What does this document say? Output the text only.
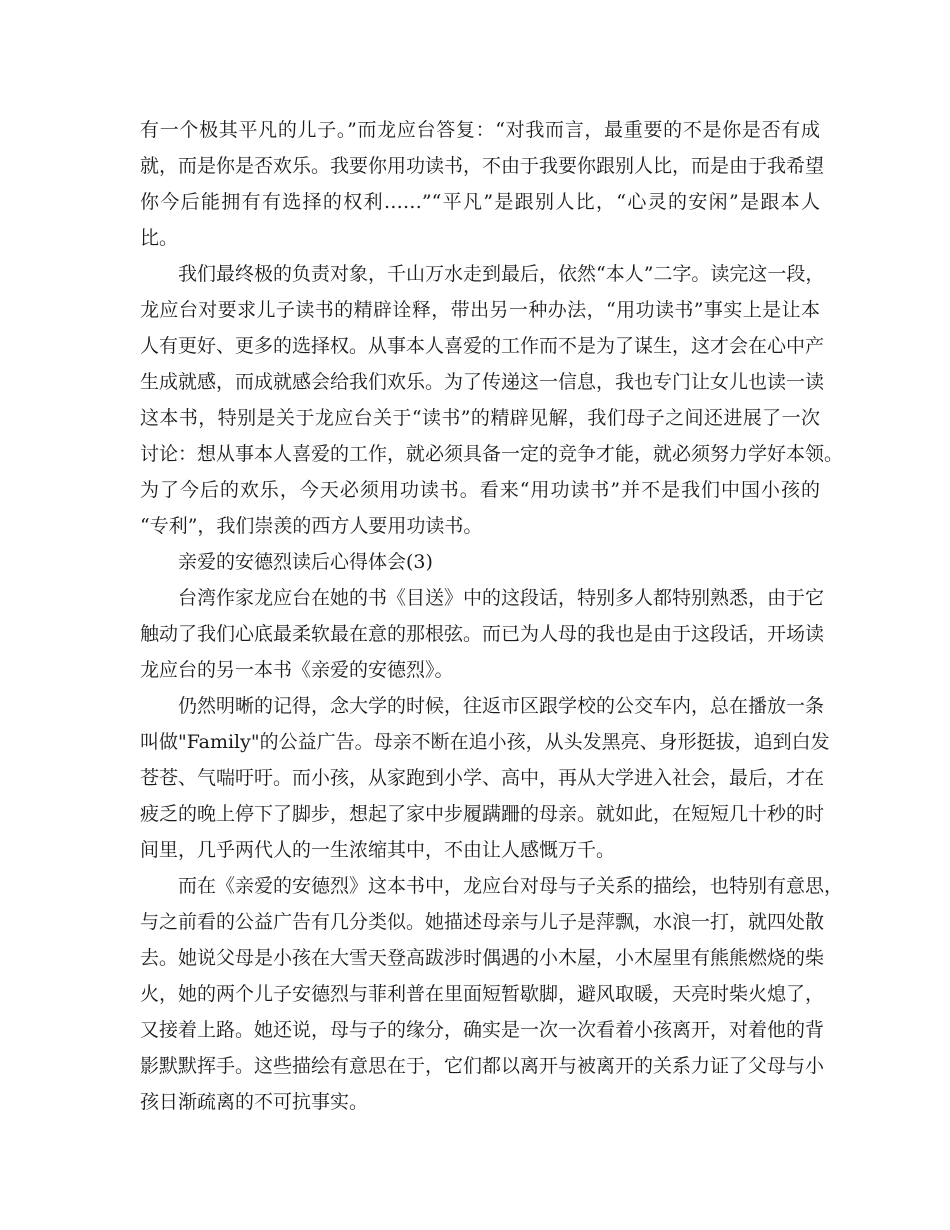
有一个极其平凡的儿子。”而龙应台答复：“对我而言，最重要的不是你是否有成
就，而是你是否欢乐。我要你用功读书，不由于我要你跟别人比，而是由于我希望
你今后能拥有有选择的权利……”“平凡”是跟别人比，“心灵的安闲”是跟本人
比。
我们最终极的负责对象，千山万水走到最后，依然“本人”二字。读完这一段，
龙应台对要求儿子读书的精辟诠释，带出另一种办法，“用功读书”事实上是让本
人有更好、更多的选择权。从事本人喜爱的工作而不是为了谋生，这才会在心中产
生成就感，而成就感会给我们欢乐。为了传递这一信息，我也专门让女儿也读一读
这本书，特别是关于龙应台关于“读书”的精辟见解，我们母子之间还进展了一次
讨论：想从事本人喜爱的工作，就必须具备一定的竞争才能，就必须努力学好本领。
为了今后的欢乐，今天必须用功读书。看来“用功读书”并不是我们中国小孩的
“专利”，我们崇羡的西方人要用功读书。
亲爱的安德烈读后心得体会(3)
台湾作家龙应台在她的书《目送》中的这段话，特别多人都特别熟悉，由于它
触动了我们心底最柔软最在意的那根弦。而已为人母的我也是由于这段话，开场读
龙应台的另一本书《亲爱的安德烈》。
仍然明晰的记得，念大学的时候，往返市区跟学校的公交车内，总在播放一条
叫做"Family"的公益广告。母亲不断在追小孩，从头发黑亮、身形挺拔，追到白发
苍苍、气喘吁吁。而小孩，从家跑到小学、高中，再从大学进入社会，最后，才在
疲乏的晚上停下了脚步，想起了家中步履蹒跚的母亲。就如此，在短短几十秒的时
间里，几乎两代人的一生浓缩其中，不由让人感慨万千。
而在《亲爱的安德烈》这本书中，龙应台对母与子关系的描绘，也特别有意思，
与之前看的公益广告有几分类似。她描述母亲与儿子是萍飘，水浪一打，就四处散
去。她说父母是小孩在大雪天登高跋涉时偶遇的小木屋，小木屋里有熊熊燃烧的柴
火，她的两个儿子安德烈与菲利普在里面短暂歇脚，避风取暖，天亮时柴火熄了，
又接着上路。她还说，母与子的缘分，确实是一次一次看着小孩离开，对着他的背
影默默挥手。这些描绘有意思在于，它们都以离开与被离开的关系力证了父母与小
孩日渐疏离的不可抗事实。
